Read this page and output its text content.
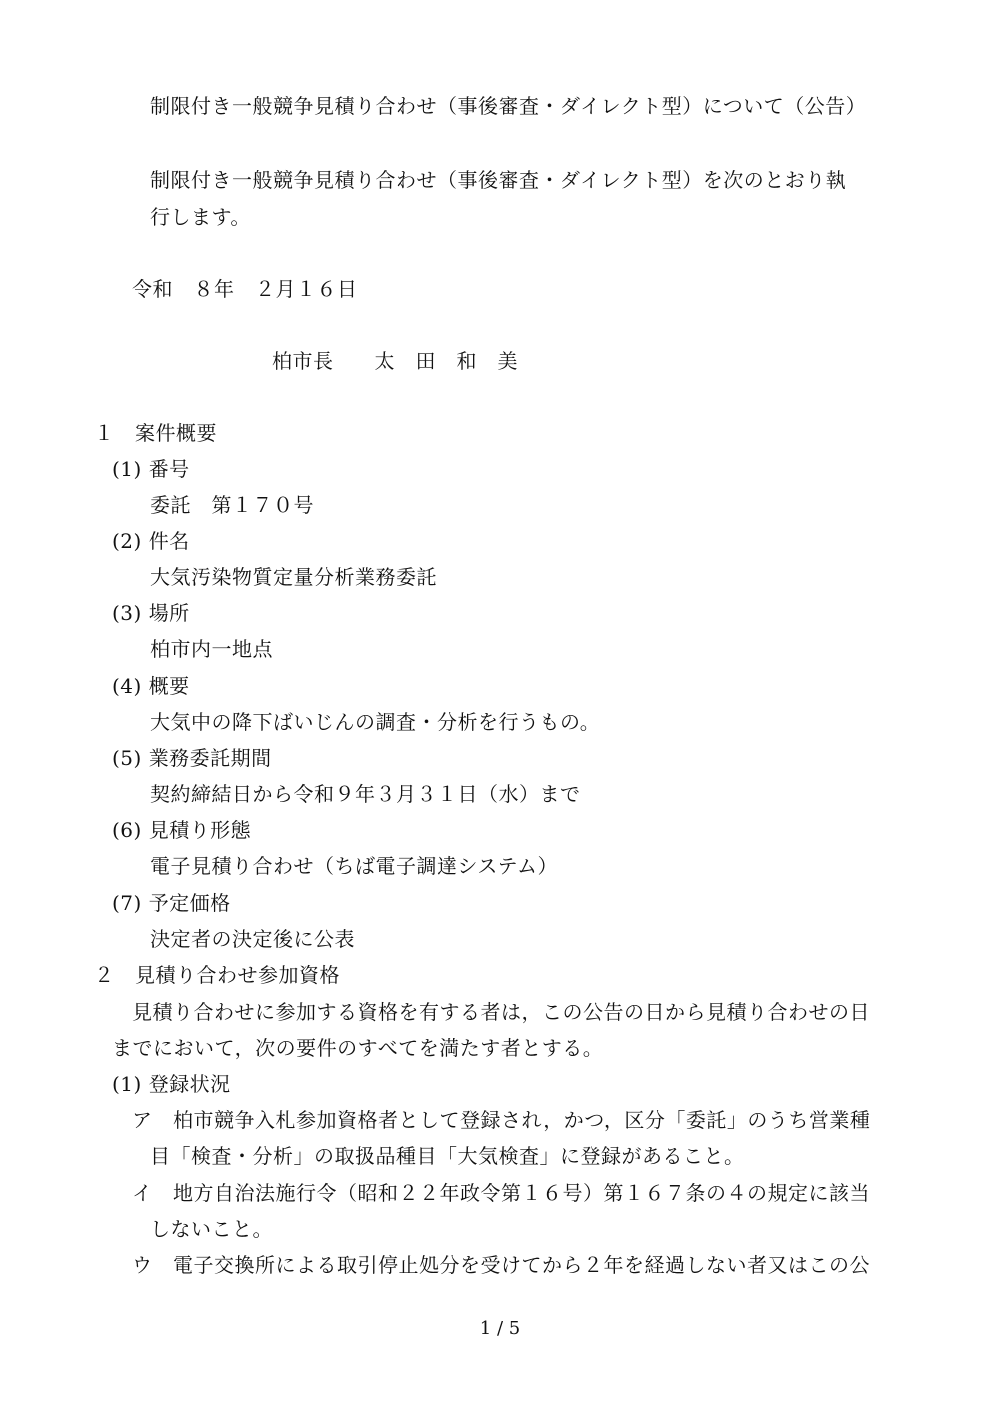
制限付き一般競争見積り合わせ（事後審査・ダイレクト型）について（公告）
制限付き一般競争見積り合わせ（事後審査・ダイレクト型）を次のとおり執
行します。
令和　８年　２月１６日
柏市長　　太　田　和　美
１　案件概要
(1) 番号
委託　第１７０号
(2) 件名
大気汚染物質定量分析業務委託
(3) 場所
柏市内一地点
(4) 概要
大気中の降下ばいじんの調査・分析を行うもの。
(5) 業務委託期間
契約締結日から令和９年３月３１日（水）まで
(6) 見積り形態
電子見積り合わせ（ちば電子調達システム）
(7) 予定価格
決定者の決定後に公表
２　見積り合わせ参加資格
見積り合わせに参加する資格を有する者は，この公告の日から見積り合わせの日
までにおいて，次の要件のすべてを満たす者とする。
(1) 登録状況
ア　柏市競争入札参加資格者として登録され，かつ，区分「委託」のうち営業種
目「検査・分析」の取扱品種目「大気検査」に登録があること。
イ　地方自治法施行令（昭和２２年政令第１６号）第１６７条の４の規定に該当
しないこと。
ウ　電子交換所による取引停止処分を受けてから２年を経過しない者又はこの公
1 / 5
